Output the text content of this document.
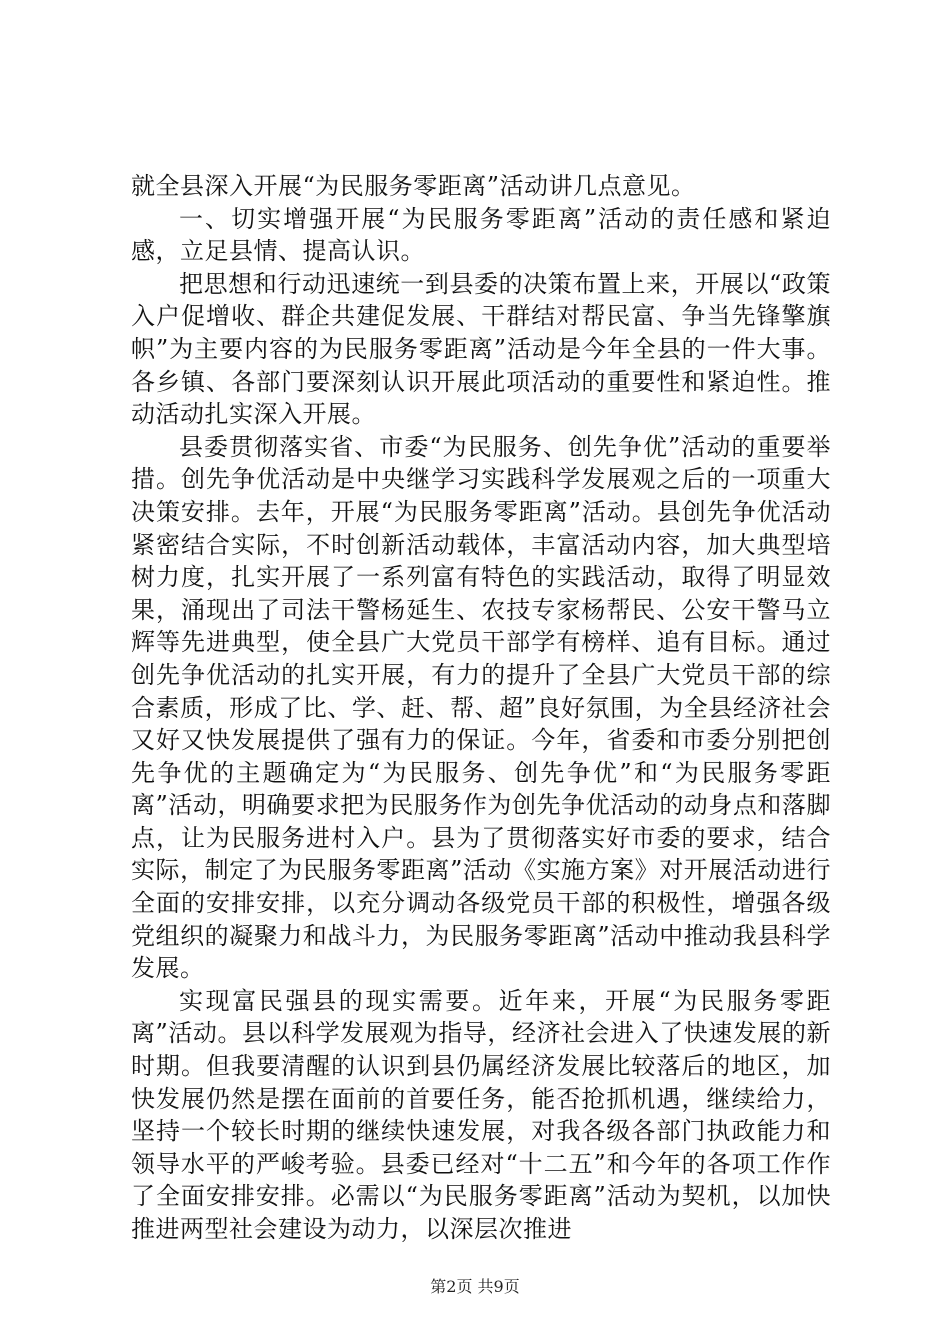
就全县深入开展“为民服务零距离”活动讲几点意见。

一、切实增强开展“为民服务零距离”活动的责任感和紧迫感，立足县情、提高认识。

把思想和行动迅速统一到县委的决策布置上来，开展以“政策入户促增收、群企共建促发展、干群结对帮民富、争当先锋擎旗帜”为主要内容的为民服务零距离”活动是今年全县的一件大事。各乡镇、各部门要深刻认识开展此项活动的重要性和紧迫性。推动活动扎实深入开展。

县委贯彻落实省、市委“为民服务、创先争优”活动的重要举措。创先争优活动是中央继学习实践科学发展观之后的一项重大决策安排。去年，开展“为民服务零距离”活动。县创先争优活动紧密结合实际，不时创新活动载体，丰富活动内容，加大典型培树力度，扎实开展了一系列富有特色的实践活动，取得了明显效果，涌现出了司法干警杨延生、农技专家杨帮民、公安干警马立辉等先进典型，使全县广大党员干部学有榜样、追有目标。通过创先争优活动的扎实开展，有力的提升了全县广大党员干部的综合素质，形成了比、学、赶、帮、超”良好氛围，为全县经济社会又好又快发展提供了强有力的保证。今年，省委和市委分别把创先争优的主题确定为“为民服务、创先争优”和“为民服务零距离”活动，明确要求把为民服务作为创先争优活动的动身点和落脚点，让为民服务进村入户。县为了贯彻落实好市委的要求，结合实际，制定了为民服务零距离”活动《实施方案》对开展活动进行全面的安排安排，以充分调动各级党员干部的积极性，增强各级党组织的凝聚力和战斗力，为民服务零距离”活动中推动我县科学发展。

实现富民强县的现实需要。近年来，开展“为民服务零距离”活动。县以科学发展观为指导，经济社会进入了快速发展的新时期。但我要清醒的认识到县仍属经济发展比较落后的地区，加快发展仍然是摆在面前的首要任务，能否抢抓机遇，继续给力，坚持一个较长时期的继续快速发展，对我各级各部门执政能力和领导水平的严峻考验。县委已经对“十二五”和今年的各项工作作了全面安排安排。必需以“为民服务零距离”活动为契机，以加快推进两型社会建设为动力，以深层次推进

第2页 共9页
